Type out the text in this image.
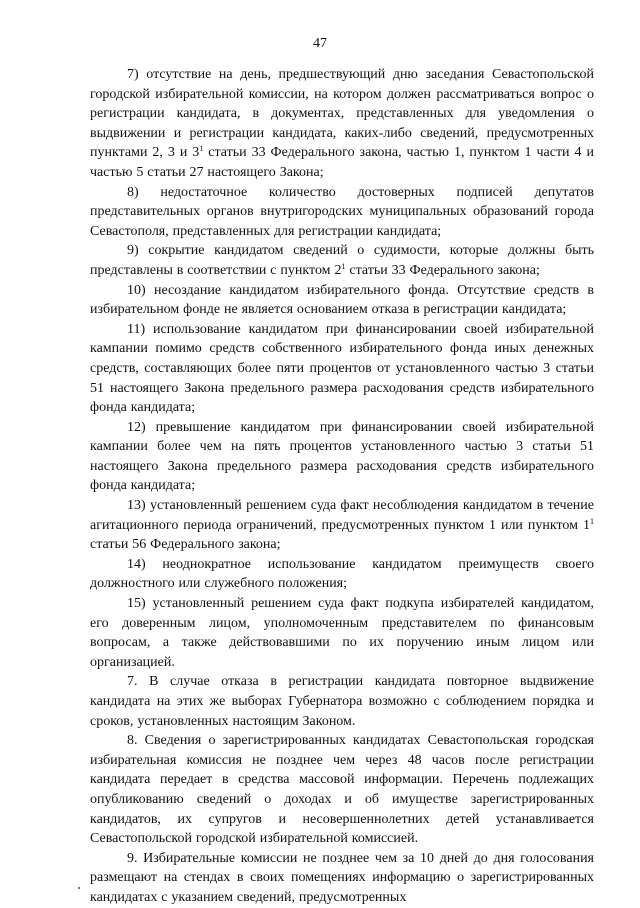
47

7) отсутствие на день, предшествующий дню заседания Севастопольской городской избирательной комиссии, на котором должен рассматриваться вопрос о регистрации кандидата, в документах, представленных для уведомления о выдвижении и регистрации кандидата, каких-либо сведений, предусмотренных пунктами 2, 3 и $3^1$ статьи 33 Федерального закона, частью 1, пунктом 1 части 4 и частью 5 статьи 27 настоящего Закона;

8) недостаточное количество достоверных подписей депутатов представительных органов внутригородских муниципальных образований города Севастополя, представленных для регистрации кандидата;

9) сокрытие кандидатом сведений о судимости, которые должны быть представлены в соответствии с пунктом $2^1$ статьи 33 Федерального закона;

10) несоздание кандидатом избирательного фонда. Отсутствие средств в избирательном фонде не является основанием отказа в регистрации кандидата;

11) использование кандидатом при финансировании своей избирательной кампании помимо средств собственного избирательного фонда иных денежных средств, составляющих более пяти процентов от установленного частью 3 статьи 51 настоящего Закона предельного размера расходования средств избирательного фонда кандидата;

12) превышение кандидатом при финансировании своей избирательной кампании более чем на пять процентов установленного частью 3 статьи 51 настоящего Закона предельного размера расходования средств избирательного фонда кандидата;

13) установленный решением суда факт несоблюдения кандидатом в течение агитационного периода ограничений, предусмотренных пунктом 1 или пунктом $1^1$ статьи 56 Федерального закона;

14) неоднократное использование кандидатом преимуществ своего должностного или служебного положения;

15) установленный решением суда факт подкупа избирателей кандидатом, его доверенным лицом, уполномоченным представителем по финансовым вопросам, а также действовавшими по их поручению иным лицом или организацией.

7. В случае отказа в регистрации кандидата повторное выдвижение кандидата на этих же выборах Губернатора возможно с соблюдением порядка и сроков, установленных настоящим Законом.

8. Сведения о зарегистрированных кандидатах Севастопольская городская избирательная комиссия не позднее чем через 48 часов после регистрации кандидата передает в средства массовой информации. Перечень подлежащих опубликованию сведений о доходах и об имуществе зарегистрированных кандидатов, их супругов и несовершеннолетних детей устанавливается Севастопольской городской избирательной комиссией.

9. Избирательные комиссии не позднее чем за 10 дней до дня голосования размещают на стендах в своих помещениях информацию о зарегистрированных кандидатах с указанием сведений, предусмотренных
